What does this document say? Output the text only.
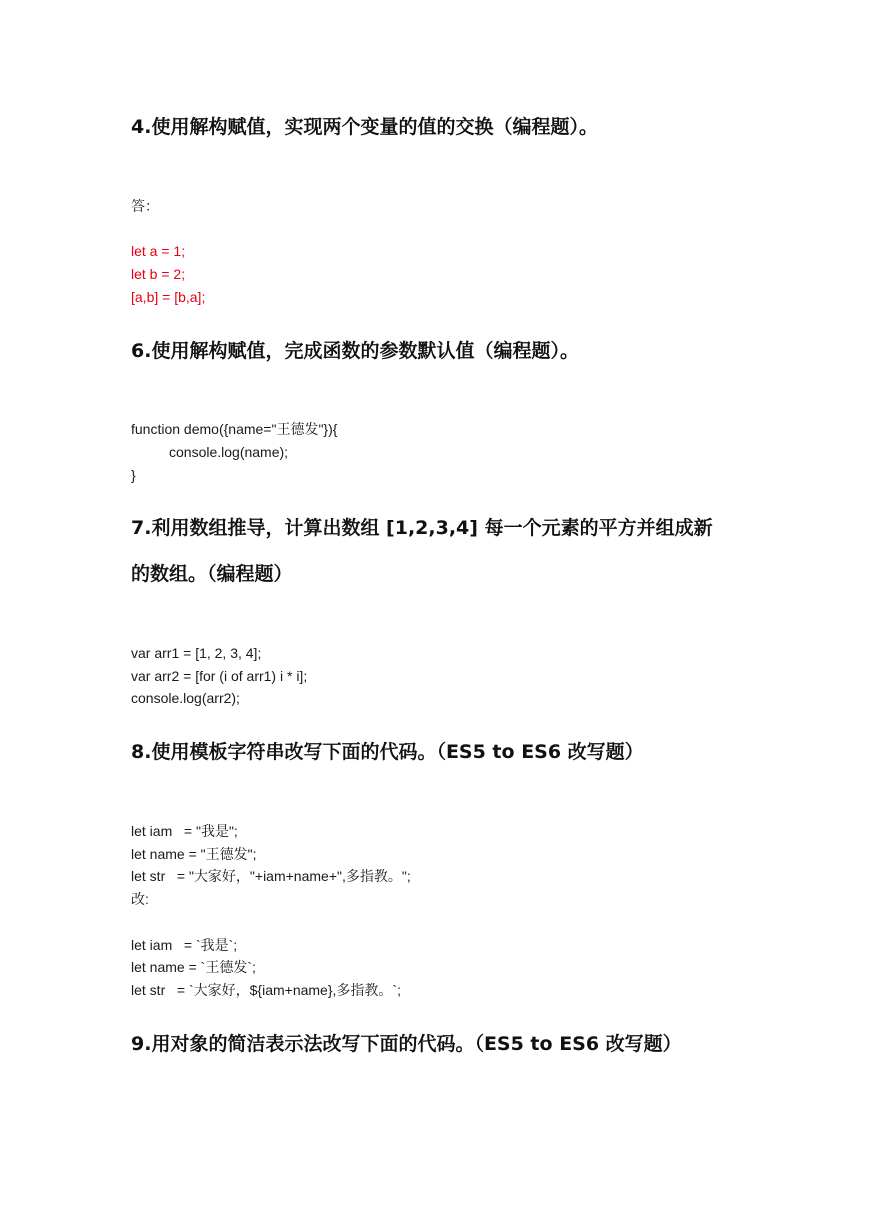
4.使用解构赋值，实现两个变量的值的交换（编程题）。

答：

let a = 1;

let b = 2;

[a,b] = [b,a];

6.使用解构赋值，完成函数的参数默认值（编程题）。

function demo({name="王德发"}){

console.log(name);

}

7.利用数组推导，计算出数组 [1,2,3,4] 每一个元素的平方并组成新
的数组。（编程题）

var arr1 = [1, 2, 3, 4];

var arr2 = [for (i of arr1) i * i];

console.log(arr2);

8.使用模板字符串改写下面的代码。（ES5 to ES6 改写题）

let iam   = "我是";

let name = "王德发";

let str   = "大家好，"+iam+name+",多指教。";

改:

let iam   = `我是`;

let name = `王德发`;

let str   = `大家好，${iam+name},多指教。`;

9.用对象的简洁表示法改写下面的代码。（ES5 to ES6 改写题）
